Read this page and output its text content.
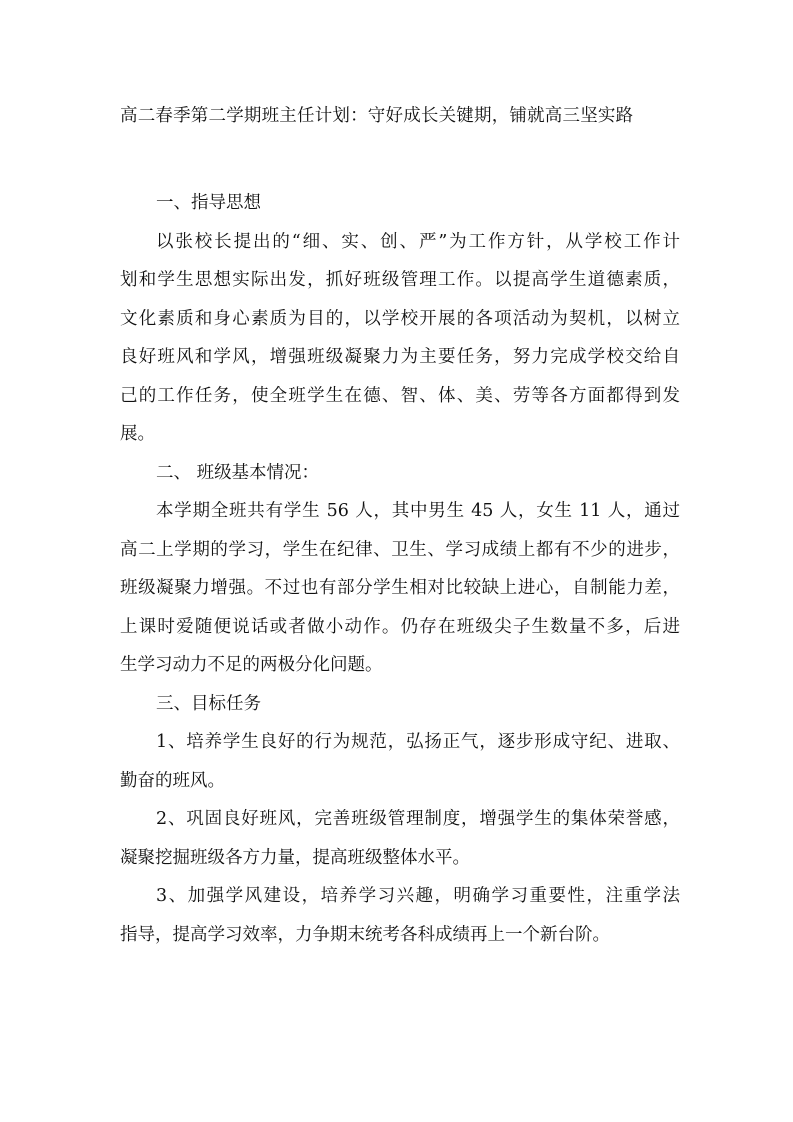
高二春季第二学期班主任计划：守好成长关键期，铺就高三坚实路
一、指导思想
以张校长提出的“细、实、创、严”为工作方针，从学校工作计
划和学生思想实际出发，抓好班级管理工作。以提高学生道德素质，
文化素质和身心素质为目的，以学校开展的各项活动为契机，以树立
良好班风和学风，增强班级凝聚力为主要任务，努力完成学校交给自
己的工作任务，使全班学生在德、智、体、美、劳等各方面都得到发
展。
二、 班级基本情况：
本学期全班共有学生 56 人，其中男生 45 人，女生 11 人，通过
高二上学期的学习，学生在纪律、卫生、学习成绩上都有不少的进步，
班级凝聚力增强。不过也有部分学生相对比较缺上进心，自制能力差，
上课时爱随便说话或者做小动作。仍存在班级尖子生数量不多，后进
生学习动力不足的两极分化问题。
三、目标任务
1、培养学生良好的行为规范，弘扬正气，逐步形成守纪、进取、
勤奋的班风。
2、巩固良好班风，完善班级管理制度，增强学生的集体荣誉感，
凝聚挖掘班级各方力量，提高班级整体水平。
3、加强学风建设，培养学习兴趣，明确学习重要性，注重学法
指导，提高学习效率，力争期末统考各科成绩再上一个新台阶。
